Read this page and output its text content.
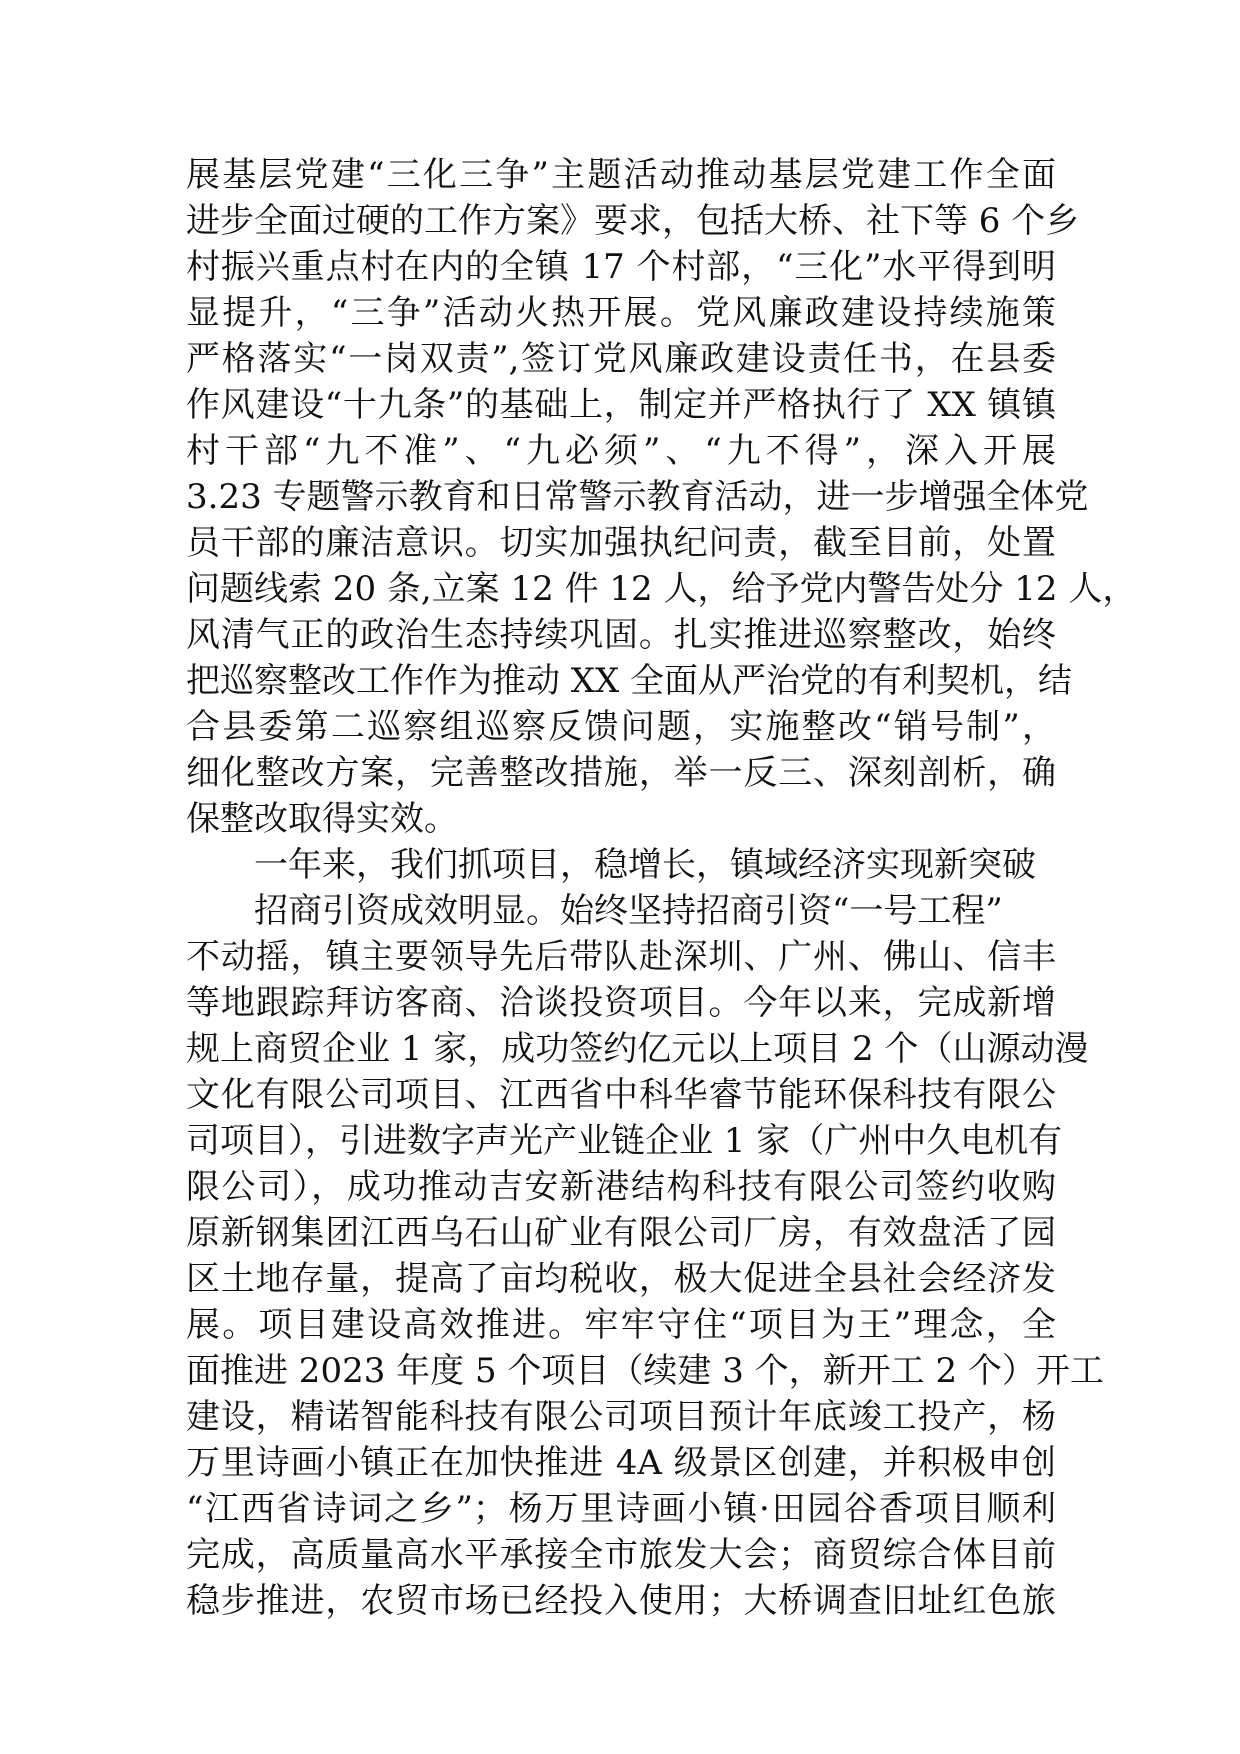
展基层党建“三化三争”主题活动推动基层党建工作全面
进步全面过硬的工作方案》要求，包括大桥、社下等 6 个乡
村振兴重点村在内的全镇 17 个村部，“三化”水平得到明
显提升，“三争”活动火热开展。党风廉政建设持续施策
严格落实“一岗双责”,签订党风廉政建设责任书，在县委
作风建设“十九条”的基础上，制定并严格执行了 XX 镇镇
村干部“九不准”、“九必须”、“九不得”，深入开展
3.23 专题警示教育和日常警示教育活动，进一步增强全体党
员干部的廉洁意识。切实加强执纪问责，截至目前，处置
问题线索 20 条,立案 12 件 12 人，给予党内警告处分 12 人，
风清气正的政治生态持续巩固。扎实推进巡察整改，始终
把巡察整改工作作为推动 XX 全面从严治党的有利契机，结
合县委第二巡察组巡察反馈问题，实施整改“销号制”，
细化整改方案，完善整改措施，举一反三、深刻剖析，确
保整改取得实效。
一年来，我们抓项目，稳增长，镇域经济实现新突破
招商引资成效明显。始终坚持招商引资“一号工程”
不动摇，镇主要领导先后带队赴深圳、广州、佛山、信丰
等地跟踪拜访客商、洽谈投资项目。今年以来，完成新增
规上商贸企业 1 家，成功签约亿元以上项目 2 个（山源动漫
文化有限公司项目、江西省中科华睿节能环保科技有限公
司项目），引进数字声光产业链企业 1 家（广州中久电机有
限公司），成功推动吉安新港结构科技有限公司签约收购
原新钢集团江西乌石山矿业有限公司厂房，有效盘活了园
区土地存量，提高了亩均税收，极大促进全县社会经济发
展。项目建设高效推进。牢牢守住“项目为王”理念，全
面推进 2023 年度 5 个项目（续建 3 个，新开工 2 个）开工
建设，精诺智能科技有限公司项目预计年底竣工投产，杨
万里诗画小镇正在加快推进 4A 级景区创建，并积极申创
“江西省诗词之乡”；杨万里诗画小镇·田园谷香项目顺利
完成，高质量高水平承接全市旅发大会；商贸综合体目前
稳步推进，农贸市场已经投入使用；大桥调查旧址红色旅
